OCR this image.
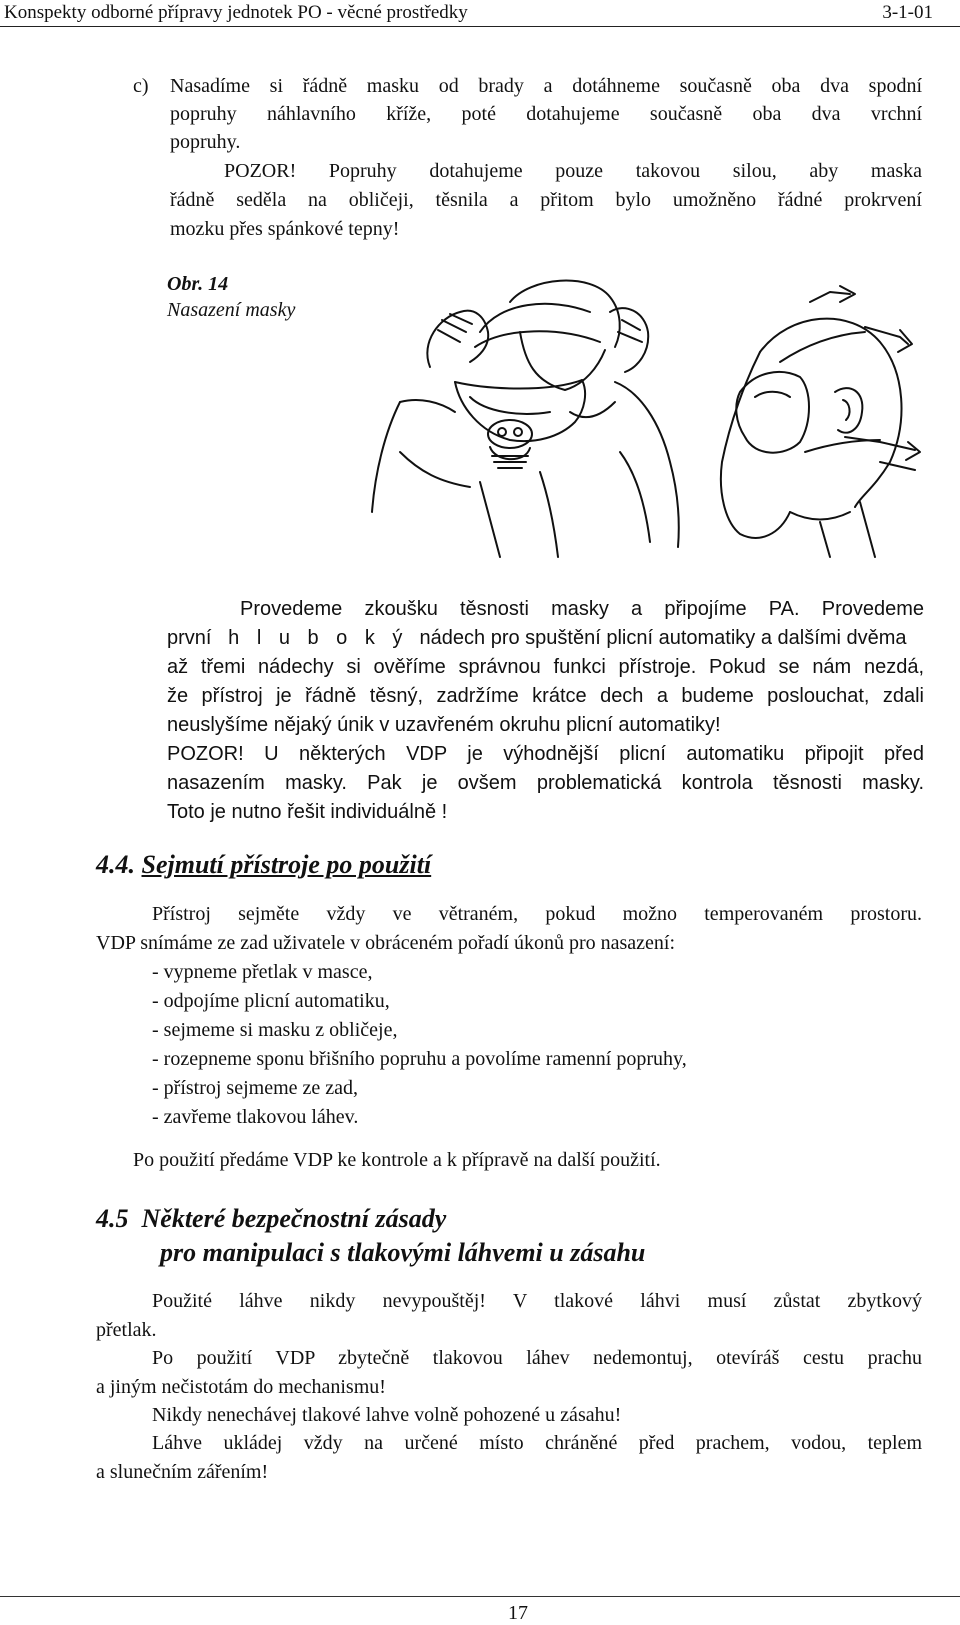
Konspekty odborné přípravy jednotek PO - věcné prostředky	3-1-01
c) Nasadíme si řádně masku od brady a dotáhneme současně oba dva spodní
popruhy náhlavního kříže, poté dotahujeme současně oba dva vrchní
popruhy.
POZOR! Popruhy dotahujeme pouze takovou silou, aby maska
řádně seděla na obličeji, těsnila a přitom bylo umožněno řádné prokrvení
mozku přes spánkové tepny!
Obr. 14
Nasazení masky
Provedeme zkoušku těsnosti masky a připojíme PA. Provedeme
první h l u b o k ý nádech pro spuštění plicní automatiky a dalšími dvěma
až třemi nádechy si ověříme správnou funkci přístroje. Pokud se nám nezdá,
že přístroj je řádně těsný, zadržíme krátce dech a budeme poslouchat, zdali
neuslyšíme nějaký únik v uzavřeném okruhu plicní automatiky!
POZOR! U některých VDP je výhodnější plicní automatiku připojit před
nasazením masky. Pak je ovšem problematická kontrola těsnosti masky.
Toto je nutno řešit individuálně !
4.4. Sejmutí přístroje po použití
Přístroj sejměte vždy ve větraném, pokud možno temperovaném prostoru.
VDP snímáme ze zad uživatele v obráceném pořadí úkonů pro nasazení:
- vypneme přetlak v masce,
- odpojíme plicní automatiku,
- sejmeme si masku z obličeje,
- rozepneme sponu břišního popruhu a povolíme ramenní popruhy,
- přístroj sejmeme ze zad,
- zavřeme tlakovou láhev.
Po použití předáme VDP ke kontrole a k přípravě na další použití.
4.5 Některé bezpečnostní zásady
pro manipulaci s tlakovými láhvemi u zásahu
Použité láhve nikdy nevypouštěj! V tlakové láhvi musí zůstat zbytkový
přetlak.
Po použití VDP zbytečně tlakovou láhev nedemontuj, otevíráš cestu prachu
a jiným nečistotám do mechanismu!
Nikdy nenechávej tlakové lahve volně pohozené u zásahu!
Láhve ukládej vždy na určené místo chráněné před prachem, vodou, teplem
a slunečním zářením!
17
